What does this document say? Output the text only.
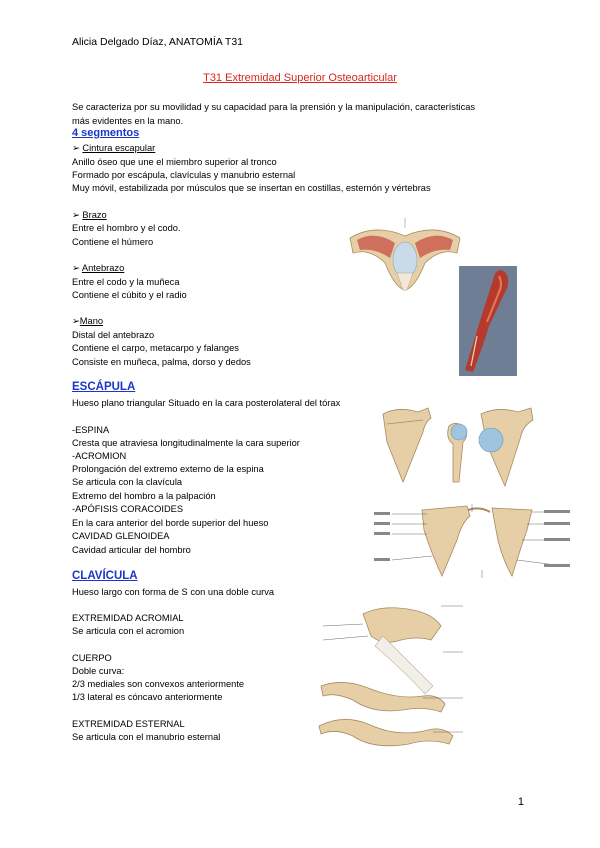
Alicia Delgado Díaz, ANATOMÍA T31
T31 Extremidad Superior Osteoarticular
Se caracteriza por su movilidad y su capacidad para la prensión y la manipulación, características
más evidentes en la mano.
4 segmentos
➢ Cintura escapular
Anillo óseo que une el miembro superior al tronco
Formado por escápula, clavículas y manubrio esternal
Muy móvil, estabilizada por músculos que se insertan en costillas, esternón y vértebras
➢ Brazo
Entre el hombro y el codo.
Contiene el húmero
➢ Antebrazo
Entre el codo y la muñeca
Contiene el cúbito y el radio
➢Mano
Distal del antebrazo
Contiene el carpo, metacarpo y falanges
Consiste en muñeca, palma, dorso y dedos
ESCÁPULA
Hueso plano triangular Situado en la cara posterolateral del tórax
-ESPINA
Cresta que atraviesa longitudinalmente la cara superior
-ACROMION
Prolongación del extremo externo de la espina
Se articula con la clavícula
Extremo del hombro a la palpación
-APÓFISIS CORACOIDES
En la cara anterior del borde superior del hueso
CAVIDAD GLENOIDEA
Cavidad articular del hombro
CLAVÍCULA
Hueso largo con forma de S con una doble curva
EXTREMIDAD ACROMIAL
Se articula con el acromion
CUERPO
Doble curva:
2/3 mediales son convexos anteriormente
1/3 lateral es cóncavo anteriormente
EXTREMIDAD ESTERNAL
Se articula con el manubrio esternal
1
